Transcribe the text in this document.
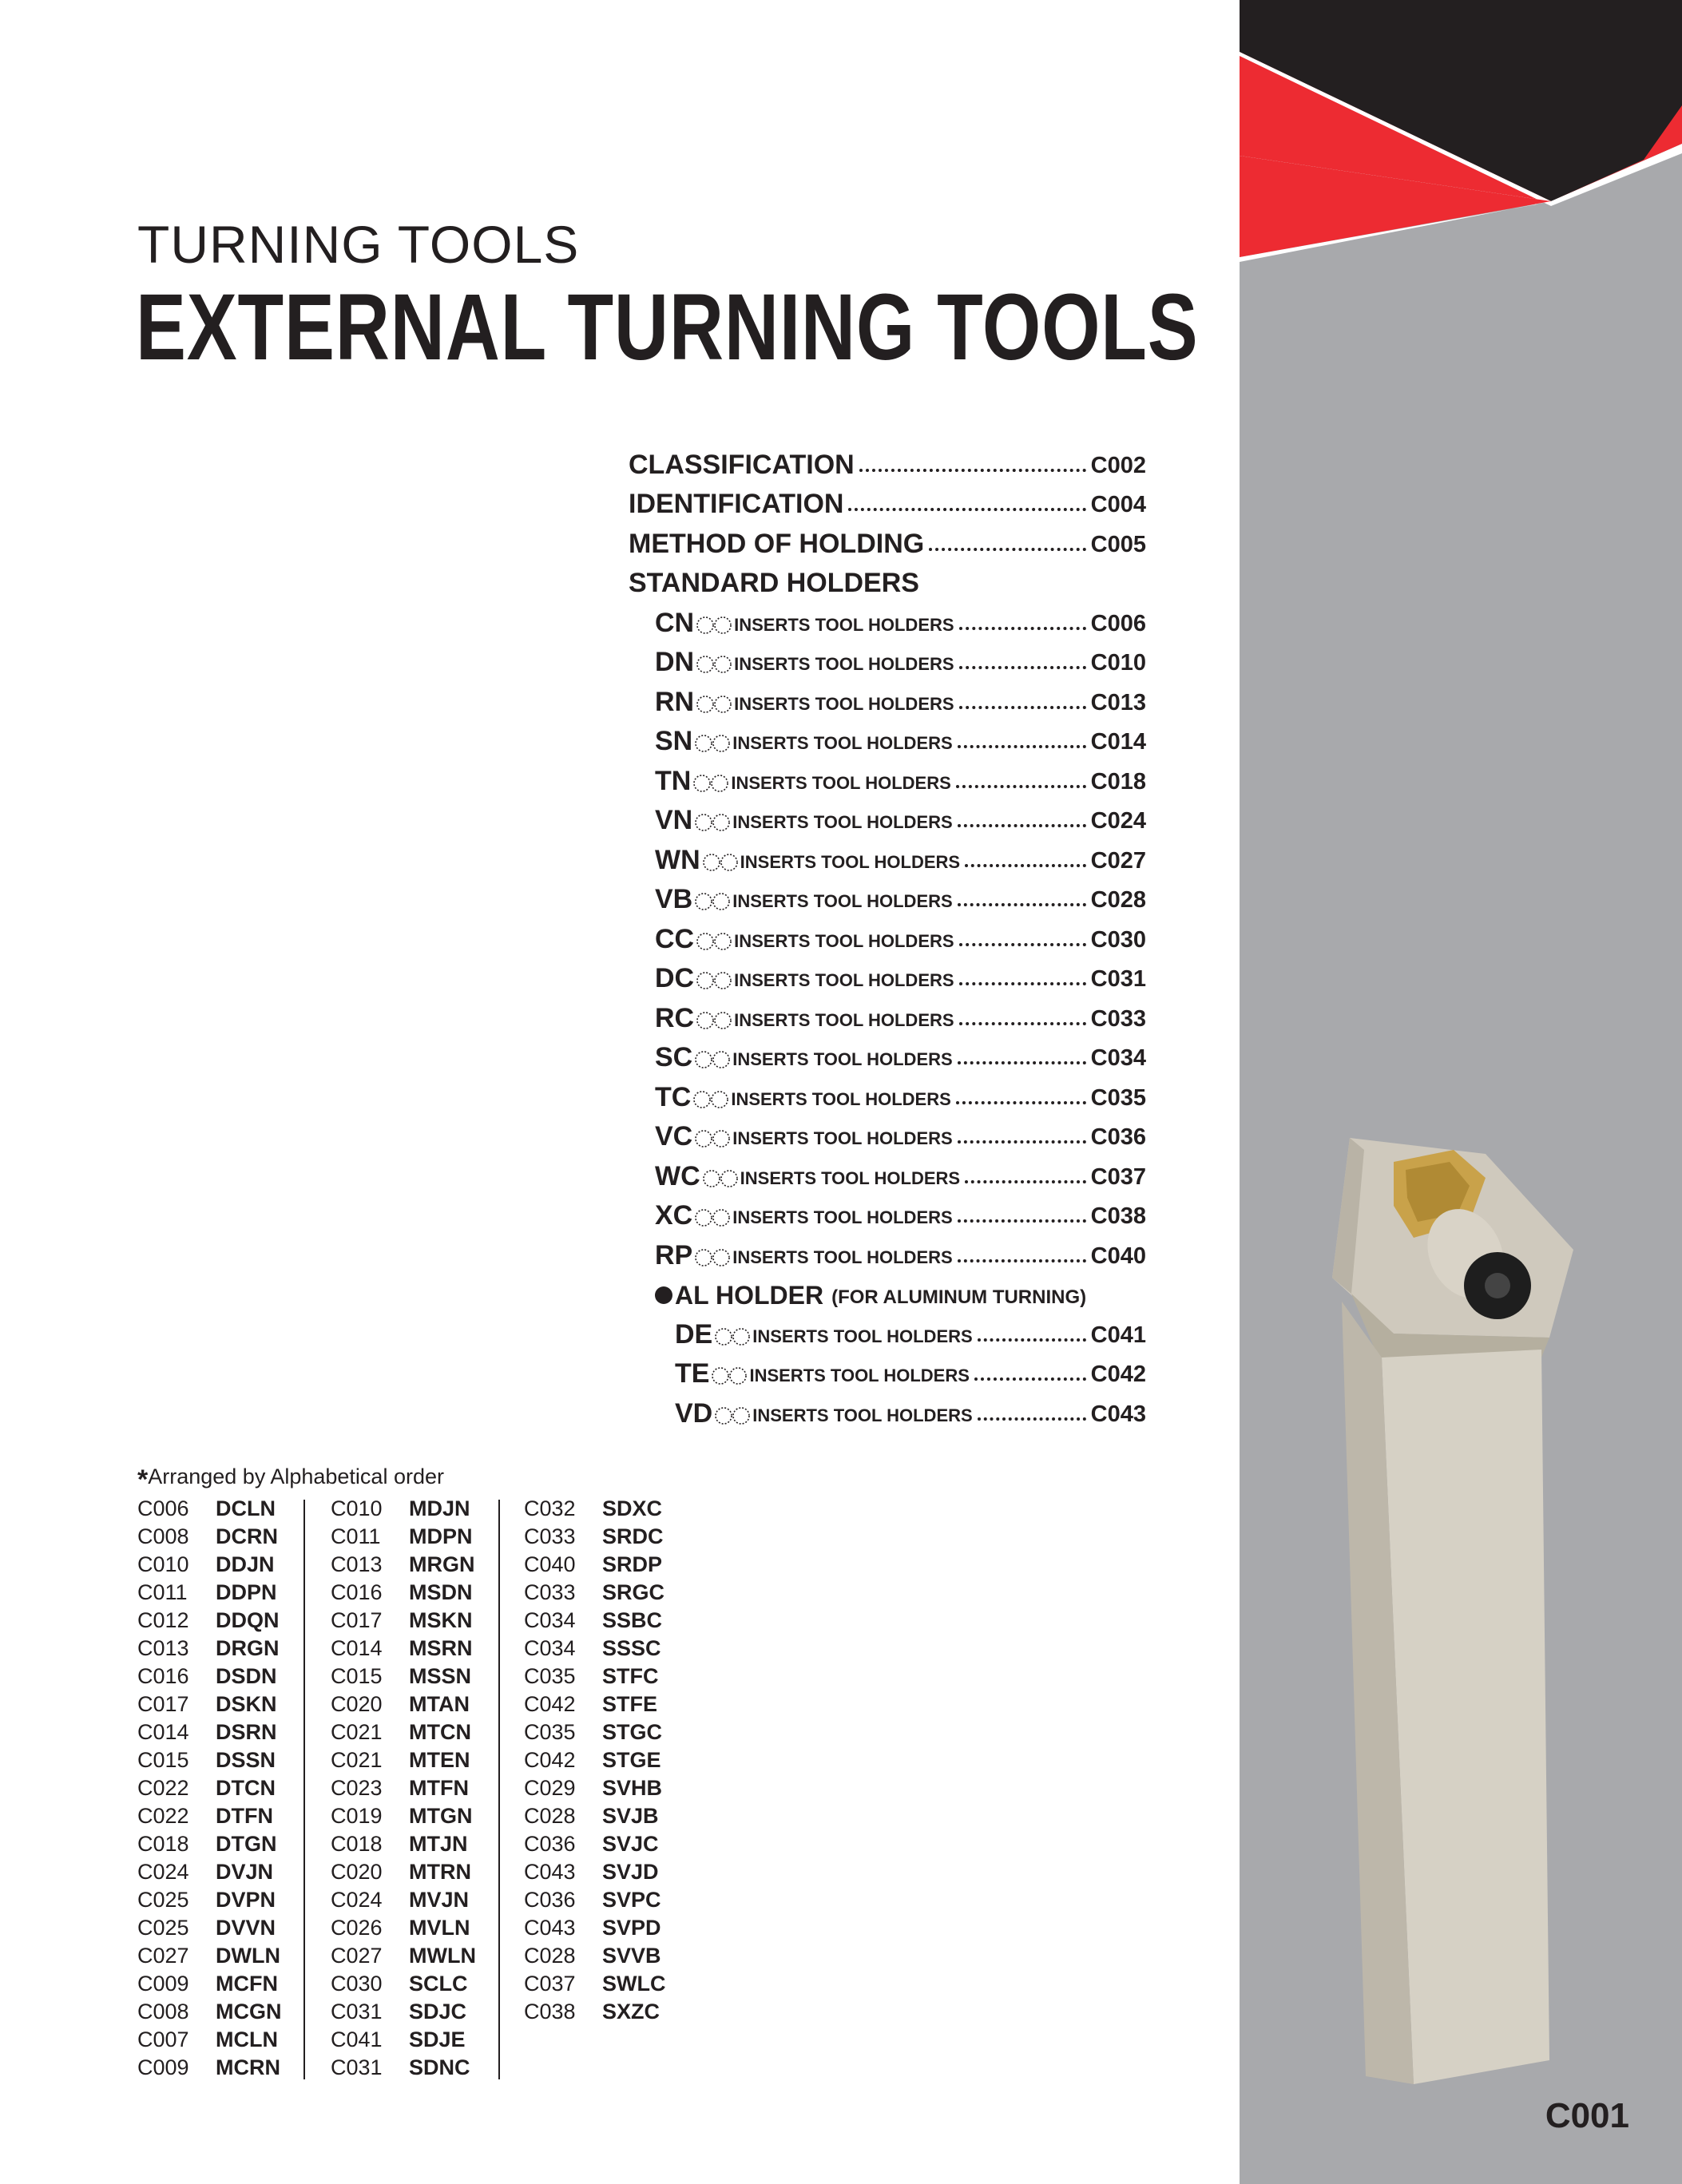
C001
TURNING TOOLS
EXTERNAL TURNING TOOLS
CLASSIFICATION	C002
IDENTIFICATION	C004
METHOD OF HOLDING	C005
STANDARD HOLDERS
CN INSERTS TOOL HOLDERS	C006
DN INSERTS TOOL HOLDERS	C010
RN INSERTS TOOL HOLDERS	C013
SN INSERTS TOOL HOLDERS	C014
TN INSERTS TOOL HOLDERS	C018
VN INSERTS TOOL HOLDERS	C024
WN INSERTS TOOL HOLDERS	C027
VB INSERTS TOOL HOLDERS	C028
CC INSERTS TOOL HOLDERS	C030
DC INSERTS TOOL HOLDERS	C031
RC INSERTS TOOL HOLDERS	C033
SC INSERTS TOOL HOLDERS	C034
TC INSERTS TOOL HOLDERS	C035
VC INSERTS TOOL HOLDERS	C036
WC INSERTS TOOL HOLDERS	C037
XC INSERTS TOOL HOLDERS	C038
RP INSERTS TOOL HOLDERS	C040
AL HOLDER (FOR ALUMINUM TURNING)
DE INSERTS TOOL HOLDERS	C041
TE INSERTS TOOL HOLDERS	C042
VD INSERTS TOOL HOLDERS	C043
*Arranged by Alphabetical order
C006	DCLN
C008	DCRN
C010	DDJN
C011	DDPN
C012	DDQN
C013	DRGN
C016	DSDN
C017	DSKN
C014	DSRN
C015	DSSN
C022	DTCN
C022	DTFN
C018	DTGN
C024	DVJN
C025	DVPN
C025	DVVN
C027	DWLN
C009	MCFN
C008	MCGN
C007	MCLN
C009	MCRN
C010	MDJN
C011	MDPN
C013	MRGN
C016	MSDN
C017	MSKN
C014	MSRN
C015	MSSN
C020	MTAN
C021	MTCN
C021	MTEN
C023	MTFN
C019	MTGN
C018	MTJN
C020	MTRN
C024	MVJN
C026	MVLN
C027	MWLN
C030	SCLC
C031	SDJC
C041	SDJE
C031	SDNC
C032	SDXC
C033	SRDC
C040	SRDP
C033	SRGC
C034	SSBC
C034	SSSC
C035	STFC
C042	STFE
C035	STGC
C042	STGE
C029	SVHB
C028	SVJB
C036	SVJC
C043	SVJD
C036	SVPC
C043	SVPD
C028	SVVB
C037	SWLC
C038	SXZC
